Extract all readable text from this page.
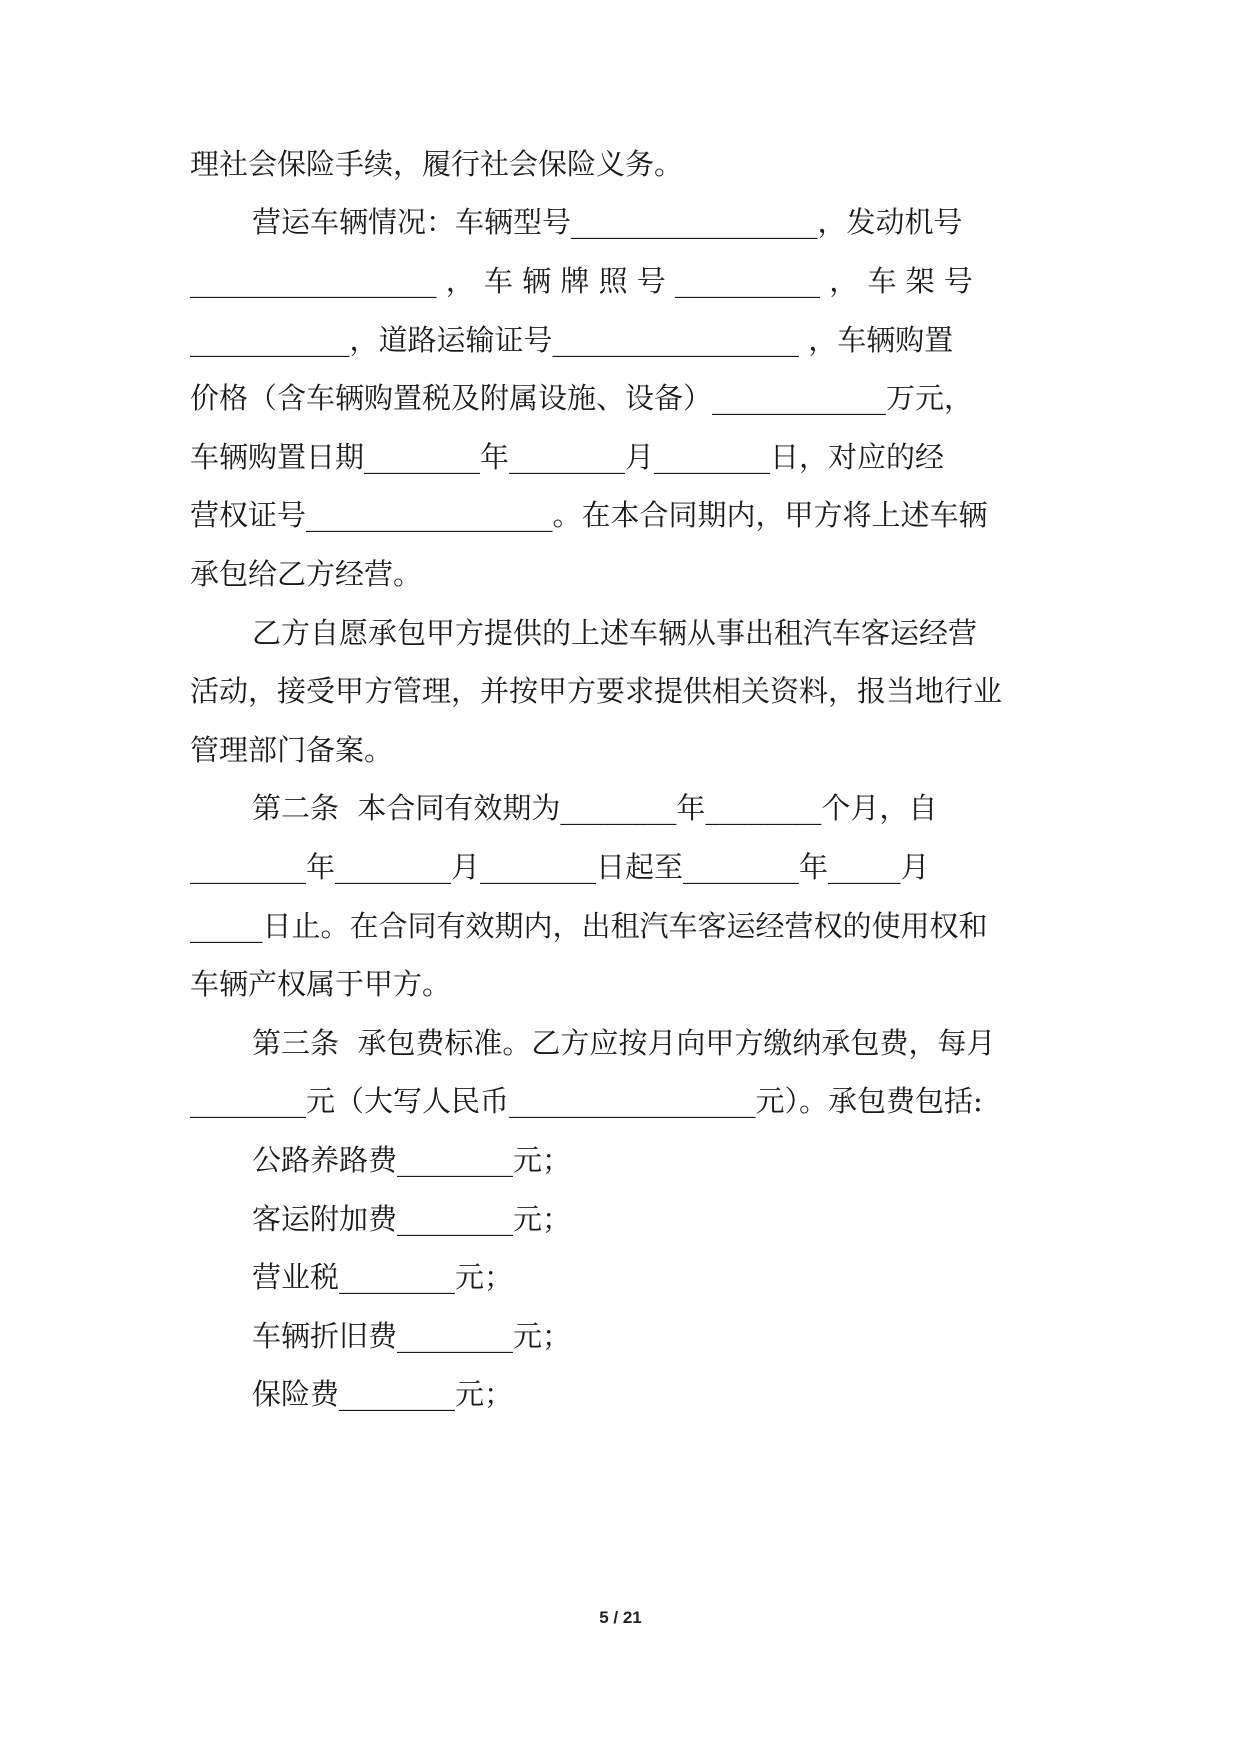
理社会保险手续，履行社会保险义务。
营运车辆情况：车辆型号_________________，发动机号
_________________ ， 车 辆 牌 照 号 __________ ， 车 架 号
___________，道路运输证号_________________ ，车辆购置
价格（含车辆购置税及附属设施、设备）____________万元，
车辆购置日期________年________月________日，对应的经
营权证号_________________。在本合同期内，甲方将上述车辆
承包给乙方经营。
乙方自愿承包甲方提供的上述车辆从事出租汽车客运经营
活动，接受甲方管理，并按甲方要求提供相关资料，报当地行业
管理部门备案。
第二条  本合同有效期为________年________个月，自
________年________月________日起至________年_____月
_____日止。在合同有效期内，出租汽车客运经营权的使用权和
车辆产权属于甲方。
第三条  承包费标准。乙方应按月向甲方缴纳承包费，每月
________元（大写人民币_________________元）。承包费包括:
公路养路费________元；
客运附加费________元；
营业税________元；
车辆折旧费________元；
保险费________元；
5 / 21
